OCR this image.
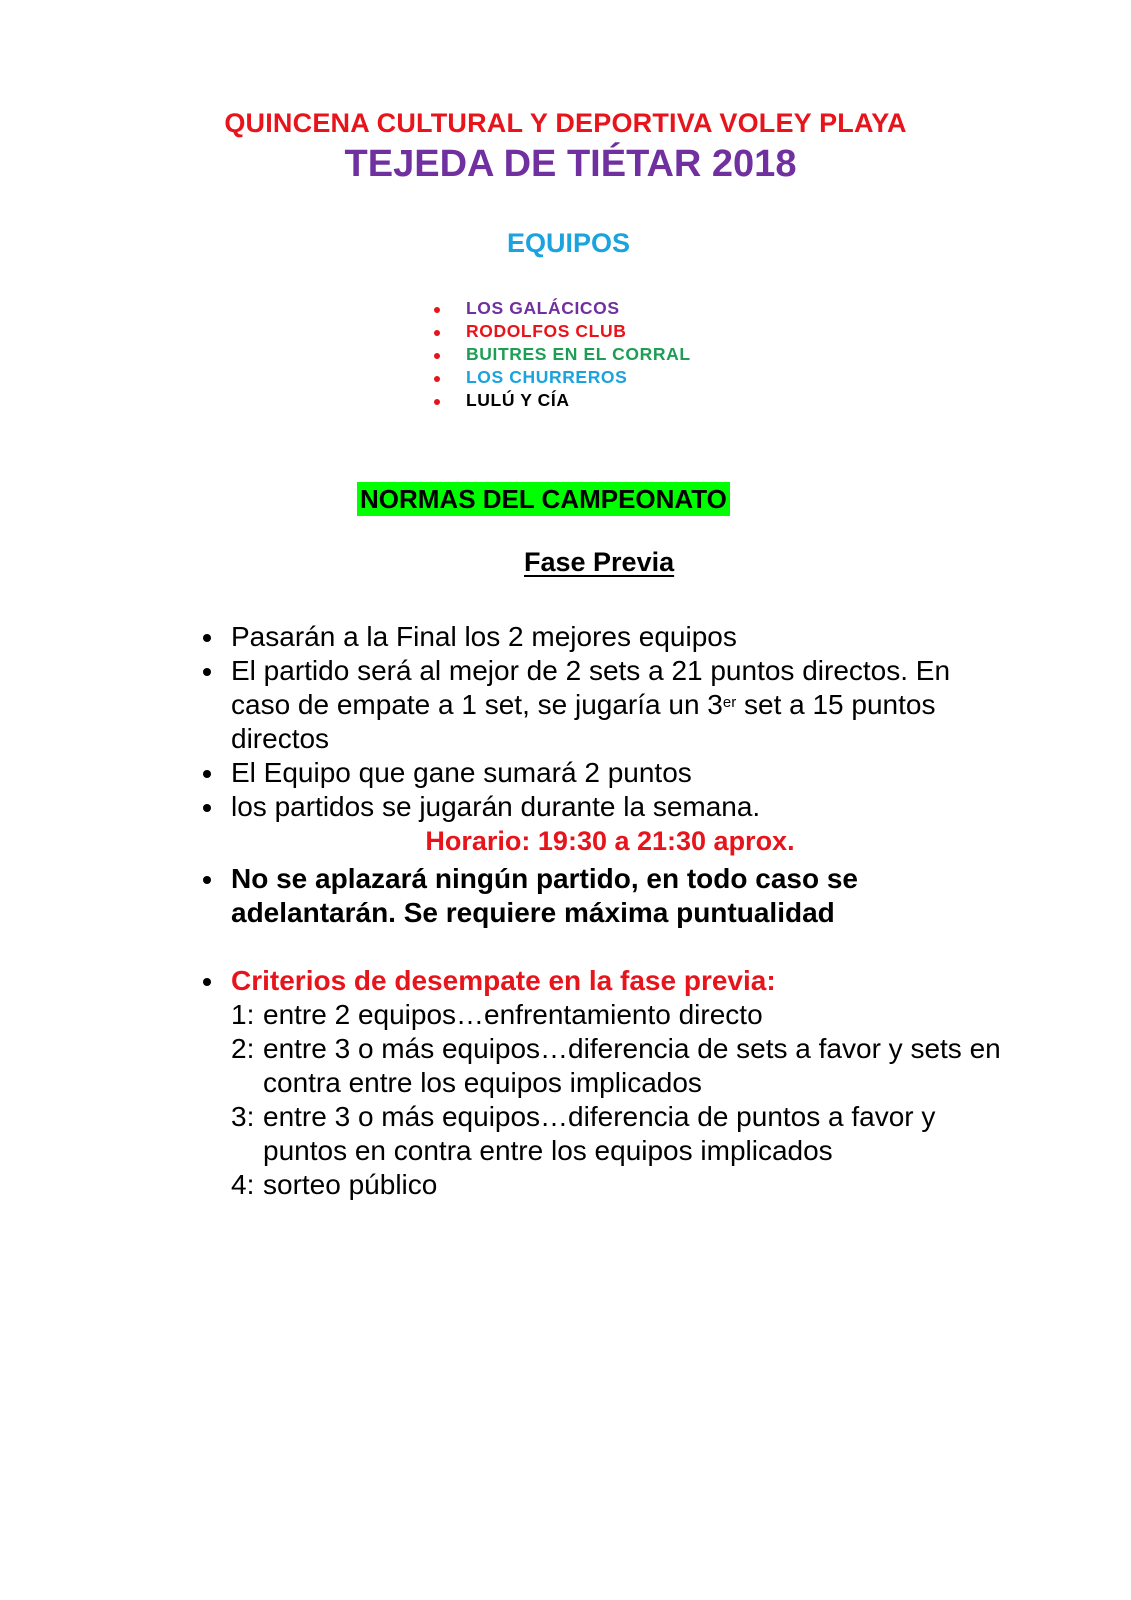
QUINCENA CULTURAL Y DEPORTIVA VOLEY PLAYA
TEJEDA DE TIÉTAR 2018
EQUIPOS
LOS GALÁCICOS
RODOLFOS CLUB
BUITRES EN EL CORRAL
LOS CHURREROS
LULÚ Y CÍA
NORMAS DEL CAMPEONATO
Fase Previa
Pasarán a la Final los 2 mejores equipos
El partido será al mejor de 2 sets a 21 puntos directos. En caso de empate a 1 set, se jugaría un 3er set a 15 puntos directos
El Equipo que gane sumará 2 puntos
los partidos se jugarán durante la semana.
Horario: 19:30 a 21:30 aprox.
No se aplazará ningún partido, en todo caso se adelantarán. Se requiere máxima puntualidad
Criterios de desempate en la fase previa:
1: entre 2 equipos…enfrentamiento directo
2: entre 3 o más equipos…diferencia de sets a favor y sets en contra entre los equipos implicados
3: entre 3 o más equipos…diferencia de puntos a favor y puntos en contra entre los equipos implicados
4: sorteo público
